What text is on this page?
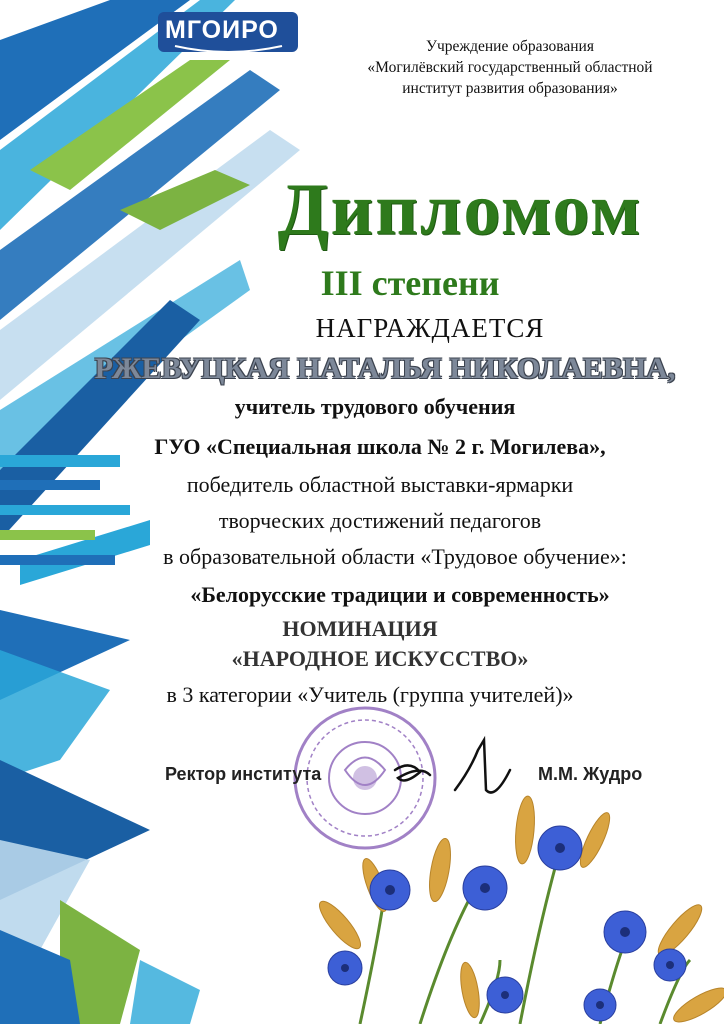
МГОИРО
Учреждение образования
«Могилёвский государственный областной
институт развития образования»
Дипломом
III степени
НАГРАЖДАЕТСЯ
РЖЕВУЦКАЯ НАТАЛЬЯ НИКОЛАЕВНА,
учитель трудового обучения
ГУО «Специальная школа № 2 г. Могилева»,
победитель областной выставки-ярмарки
творческих достижений педагогов
в образовательной области «Трудовое обучение»:
«Белорусские традиции и современность»
НОМИНАЦИЯ
«НАРОДНОЕ ИСКУССТВО»
в 3 категории «Учитель (группа учителей)»
Ректор института	М.М. Жудро
